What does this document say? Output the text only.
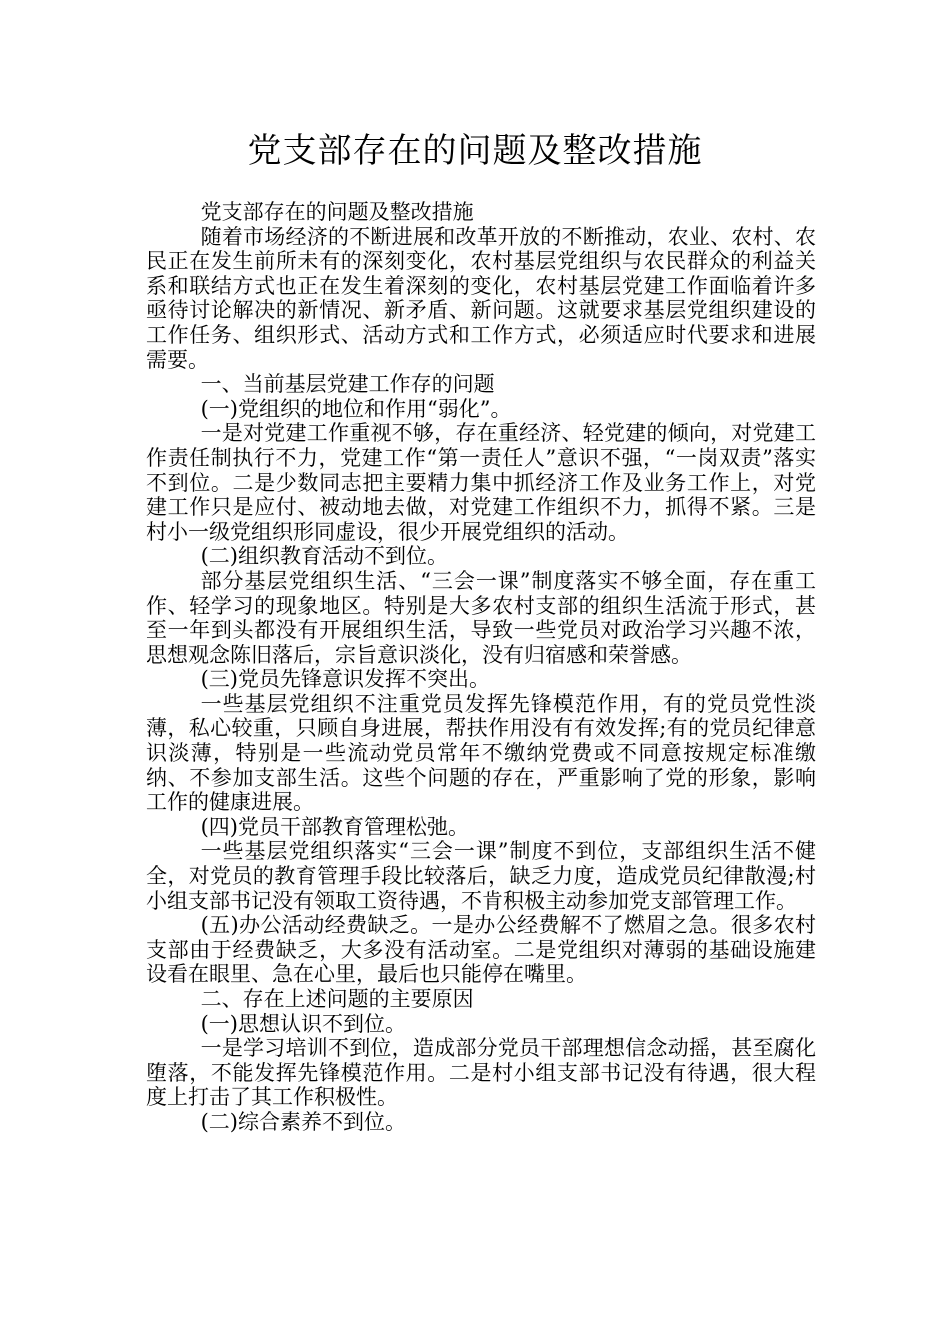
党支部存在的问题及整改措施

党支部存在的问题及整改措施

随着市场经济的不断进展和改革开放的不断推动，农业、农村、农民正在发生前所未有的深刻变化，农村基层党组织与农民群众的利益关系和联结方式也正在发生着深刻的变化，农村基层党建工作面临着许多亟待讨论解决的新情况、新矛盾、新问题。这就要求基层党组织建设的工作任务、组织形式、活动方式和工作方式，必须适应时代要求和进展需要。

一、当前基层党建工作存的问题

(一)党组织的地位和作用“弱化”。

一是对党建工作重视不够，存在重经济、轻党建的倾向，对党建工作责任制执行不力，党建工作“第一责任人”意识不强，“一岗双责”落实不到位。二是少数同志把主要精力集中抓经济工作及业务工作上，对党建工作只是应付、被动地去做，对党建工作组织不力，抓得不紧。三是村小一级党组织形同虚设，很少开展党组织的活动。

(二)组织教育活动不到位。

部分基层党组织生活、“三会一课”制度落实不够全面，存在重工作、轻学习的现象地区。特别是大多农村支部的组织生活流于形式，甚至一年到头都没有开展组织生活，导致一些党员对政治学习兴趣不浓，思想观念陈旧落后，宗旨意识淡化，没有归宿感和荣誉感。

(三)党员先锋意识发挥不突出。

一些基层党组织不注重党员发挥先锋模范作用，有的党员党性淡薄，私心较重，只顾自身进展，帮扶作用没有有效发挥;有的党员纪律意识淡薄，特别是一些流动党员常年不缴纳党费或不同意按规定标准缴纳、不参加支部生活。这些个问题的存在，严重影响了党的形象，影响工作的健康进展。

(四)党员干部教育管理松弛。

一些基层党组织落实“三会一课”制度不到位，支部组织生活不健全，对党员的教育管理手段比较落后，缺乏力度，造成党员纪律散漫;村小组支部书记没有领取工资待遇，不肯积极主动参加党支部管理工作。

(五)办公活动经费缺乏。一是办公经费解不了燃眉之急。很多农村支部由于经费缺乏，大多没有活动室。二是党组织对薄弱的基础设施建设看在眼里、急在心里，最后也只能停在嘴里。

二、存在上述问题的主要原因

(一)思想认识不到位。

一是学习培训不到位，造成部分党员干部理想信念动摇，甚至腐化堕落，不能发挥先锋模范作用。二是村小组支部书记没有待遇，很大程度上打击了其工作积极性。

(二)综合素养不到位。
